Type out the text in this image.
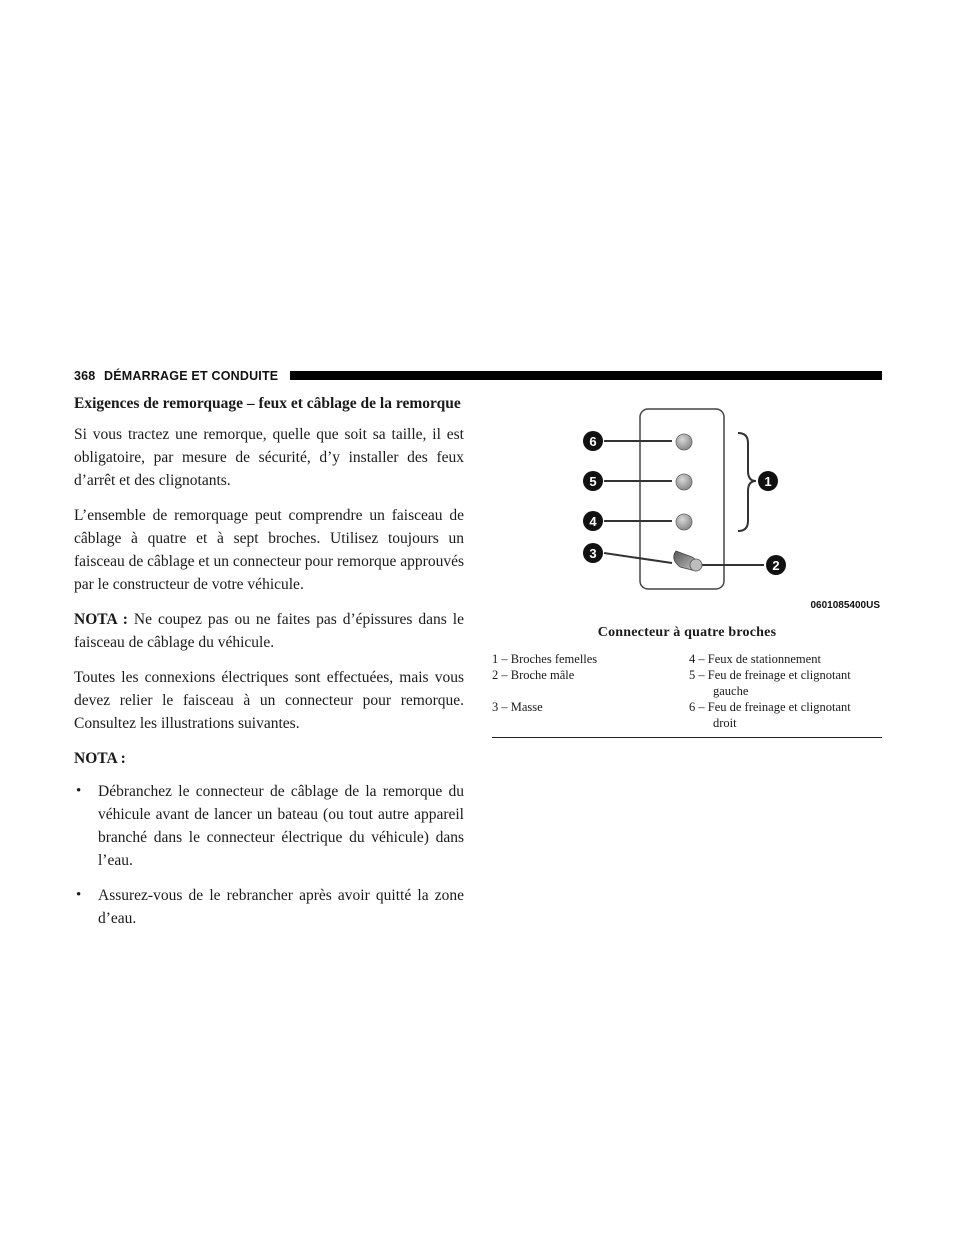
368 DÉMARRAGE ET CONDUITE
Exigences de remorquage – feux et câblage de la remorque

Si vous tractez une remorque, quelle que soit sa taille, il est obligatoire, par mesure de sécurité, d’y installer des feux d’arrêt et des clignotants.

L’ensemble de remorquage peut comprendre un faisceau de câblage à quatre et à sept broches. Utilisez toujours un faisceau de câblage et un connecteur pour remorque approuvés par le constructeur de votre véhicule.

NOTA : Ne coupez pas ou ne faites pas d’épissures dans le faisceau de câblage du véhicule.

Toutes les connexions électriques sont effectuées, mais vous devez relier le faisceau à un connecteur pour remorque. Consultez les illustrations suivantes.

NOTA :

• Débranchez le connecteur de câblage de la remorque du véhicule avant de lancer un bateau (ou tout autre appareil branché dans le connecteur électrique du véhicule) dans l’eau.
• Assurez-vous de le rebrancher après avoir quitté la zone d’eau.
6
5
4
3
1
2
0601085400US
Connecteur à quatre broches
1 – Broches femelles	4 – Feux de stationnement
2 – Broche mâle	5 – Feu de freinage et clignotant
gauche
3 – Masse	6 – Feu de freinage et clignotant
droit
